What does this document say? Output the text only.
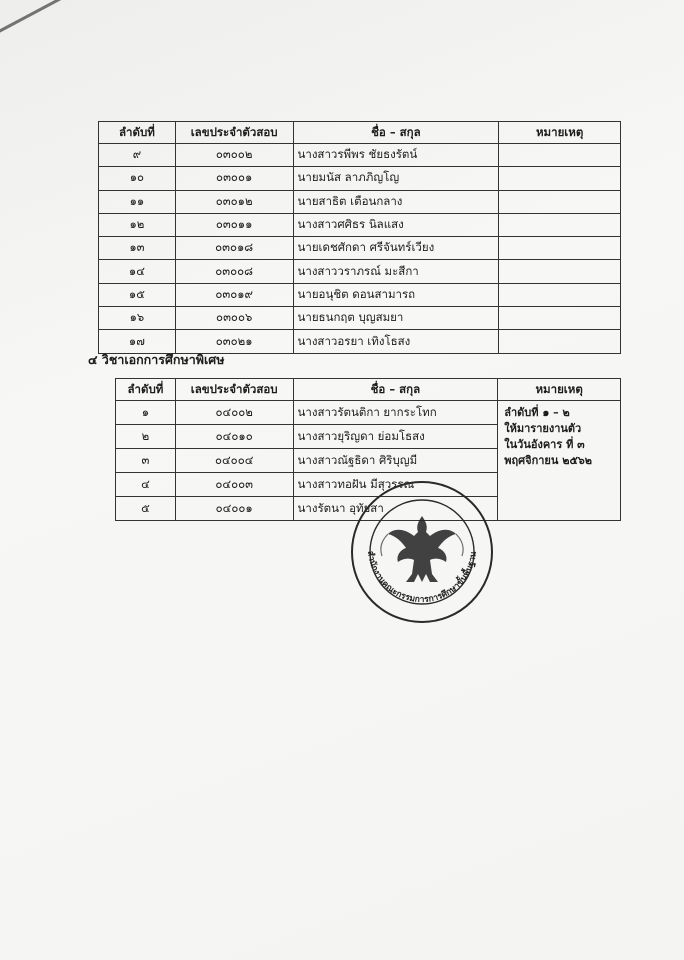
ลำดับที่	เลขประจำตัวสอบ	ชื่อ – สกุล	หมายเหตุ
๙	๐๓๐๐๒	นางสาวรพีพร ชัยธงรัตน์	
๑๐	๐๓๐๐๑	นายมนัส ลาภภิญโญ	
๑๑	๐๓๐๑๒	นายสาธิต เตือนกลาง	
๑๒	๐๓๐๑๑	นางสาวศศิธร นิลแสง	
๑๓	๐๓๐๑๘	นายเดชศักดา ศรีจันทร์เวียง	
๑๔	๐๓๐๐๘	นางสาววราภรณ์ มะสีกา	
๑๕	๐๓๐๑๙	นายอนุชิต ดอนสามารถ	
๑๖	๐๓๐๐๖	นายธนกฤต บุญสมยา	
๑๗	๐๓๐๒๑	นางสาวอรยา เทิงโธสง	
๔ วิชาเอกการศึกษาพิเศษ
ลำดับที่	เลขประจำตัวสอบ	ชื่อ – สกุล	หมายเหตุ
๑	๐๔๐๐๒	นางสาวรัตนติกา ยากระโทก	ลำดับที่ ๑ – ๒
ให้มารายงานตัว
ในวันอังคาร ที่ ๓
พฤศจิกายน ๒๕๖๒

๒	๐๔๐๑๐	นางสาวยุริญดา ย่อมโธสง	
๓	๐๔๐๐๔	นางสาวณัฐธิดา ศิริบุญมี	
๔	๐๔๐๐๓	นางสาวทอฝัน มีสุวรรณ	
๕	๐๔๐๐๑	นางรัตนา อุทัยสา	
สำนักงานคณะกรรมการการศึกษาขั้นพื้นฐาน
